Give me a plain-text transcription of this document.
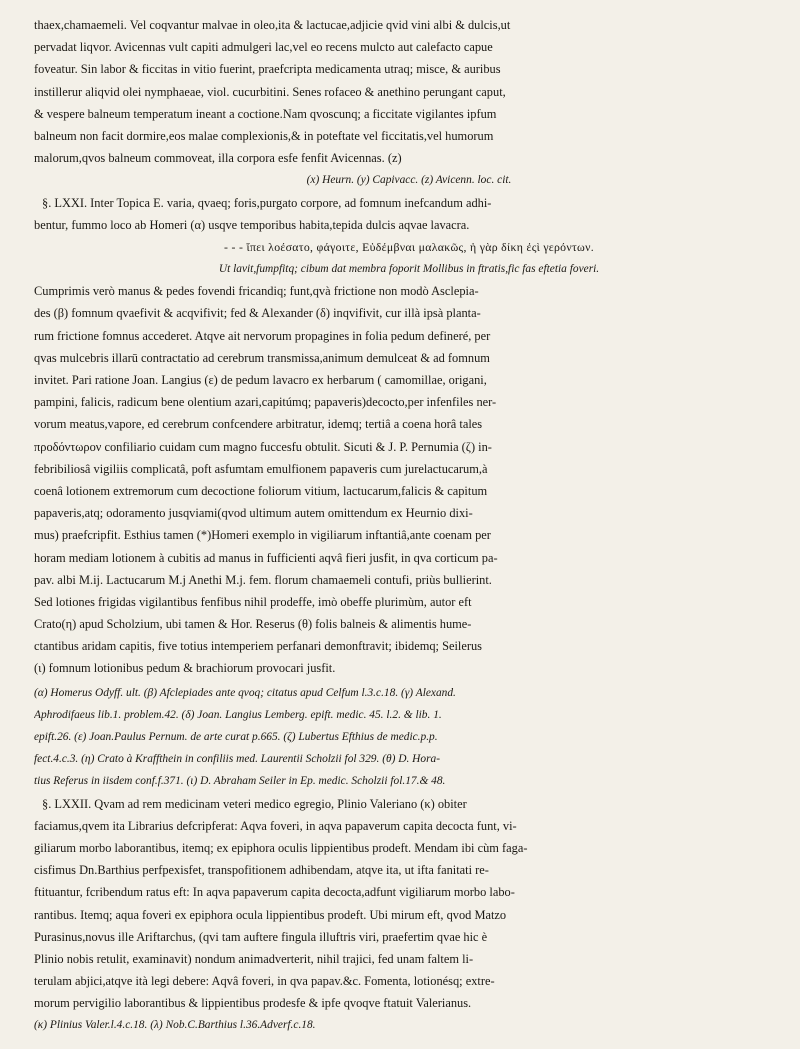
thaex,chamaemeli. Vel coqvantur malvae in oleo,ita & lactucae,adjicie qvid vini albi & dulcis,ut
pervadat liqvor. Avicennas vult capiti admulgeri lac,vel eo recens mulcto aut calefacto capue
foveatur. Sin labor & ficcitas in vitio fuerint, praefcripta medicamenta utraq; misce, & auribus
instillerur aliqvid olei nymphaeae, viol. cucurbitini. Senes rofaceo & anethino perungant caput,
& vespere balneum temperatum ineant a coctione.Nam qvoscunq; a ficcitate vigilantes ipfum
balneum non facit dormire,eos malae complexionis,& in poteftate vel ficcitatis,vel humorum
malorum,qvos balneum commoveat, illa corpora esfe fenfit Avicennas. (z)
(x) Heurn. (y) Capivacc. (z) Avicenn. loc. cit.
§. LXXI. Inter Topica E. varia, qvaeq; foris,purgato corpore, ad fomnum inefcandum adhi-
bentur, fummo loco ab Homeri (α) usqve temporibus habita,tepida dulcis aqvae lavacra.
- - - ἵπει λοέσατο, φάγοιτε, Εὑδέμβναι μαλακῶς, ἡ γὰρ δίκη ἐςὶ γερόντων.
Ut lavit,fumpfitq; cibum dat membra foporit Mollibus in ftratis,fic fas eftetia foveri.
Cumprimis verò manus & pedes fovendi fricandiq; funt,qvà frictione non modò Asclepia-
des (β) fomnum qvaefivit & acqvifivit; fed & Alexander (δ) inqvifivit, cur illà ipsà planta-
rum frictione fomnus accederet. Atqve ait nervorum propagines in folia pedum defineré, per
qvas mulcebris illarū contractatio ad cerebrum transmissa,animum demulceat & ad fomnum
invitet. Pari ratione Joan. Langius (ε) de pedum lavacro ex herbarum ( camomillae, origani,
pampini, falicis, radicum bene olentium azari,capitúmq; papaveris)decocto,per infenfiles ner-
vorum meatus,vapore, ed cerebrum confcendere arbitratur, idemq; tertiâ a coena horâ tales
προδόντωρον confiliario cuidam cum magno fuccesfu obtulit. Sicuti & J. P. Pernumia (ζ) in-
febribiliosâ vigiliis complicatâ, poft asfumtam emulfionem papaveris cum jurelactucarum,à
coenâ lotionem extremorum cum decoctione foliorum vitium, lactucarum,falicis & capitum
papaveris,atq; odoramento jusqviami(qvod ultimum autem omittendum ex Heurnio dixi-
mus) praefcripfit. Esthius tamen (*)Homeri exemplo in vigiliarum inftantiâ,ante coenam per
horam mediam lotionem à cubitis ad manus in fufficienti aqvâ fieri jusfit, in qva corticum pa-
pav. albi M.ij. Lactucarum M.j Anethi M.j. fem. florum chamaemeli contufi, priùs bullierint.
Sed lotiones frigidas vigilantibus fenfibus nihil prodeffe, imò obeffe plurimùm, autor eft
Crato(η) apud Scholzium, ubi tamen & Hor. Reserus (θ) folis balneis & alimentis hume-
ctantibus aridam capitis, five totius intemperiem perfanari demonftravit; ibidemq; Seilerus
(ι) fomnum lotionibus pedum & brachiorum provocari jusfit.
(α) Homerus Odyff. ult. (β) Afclepiades ante qvoq; citatus apud Celfum l.3.c.18. (γ) Alexand.
Aphrodifaeus lib.1. problem.42. (δ) Joan. Langius Lemberg. epift. medic. 45. l.2. & lib. 1.
epift.26. (ε) Joan.Paulus Pernum. de arte curat p.665. (ζ) Lubertus Efthius de medic.p.p.
fect.4.c.3. (η) Crato à Kraffthein in confiliis med. Laurentii Scholzii fol 329. (θ) D. Hora-
tius Referus in iisdem conf.f.371. (ι) D. Abraham Seiler in Ep. medic. Scholzii fol.17.& 48.
§. LXXII. Qvam ad rem medicinam veteri medico egregio, Plinio Valeriano (κ) obiter
faciamus,qvem ita Librarius defcripferat: Aqva foveri, in aqva papaverum capita decocta funt, vi-
giliarum morbo laborantibus, itemq; ex epiphora oculis lippientibus prodeft. Mendam ibi cùm faga-
cisfimus Dn.Barthius perfpexisfet, transpofitionem adhibendam, atqve ita, ut ifta fanitati re-
ftituantur, fcribendum ratus eft: In aqva papaverum capita decocta,adfunt vigiliarum morbo labo-
rantibus. Itemq; aqua foveri ex epiphora ocula lippientibus prodeft. Ubi mirum eft, qvod Matzo
Purasinus,novus ille Ariftarchus, (qvi tam auftere fingula illuftris viri, praefertim qvae hic è
Plinio nobis retulit, examinavit) nondum animadverterit, nihil trajici, fed unam faltem li-
terulam abjici,atqve ità legi debere: Aqvâ foveri, in qva papav.&c. Fomenta, lotionésq; extre-
morum pervigilio laborantibus & lippientibus prodesfe & ipfe qvoqve ftatuit Valerianus.
(κ) Plinius Valer.l.4.c.18. (λ) Nob.C.Barthius l.36.Adverf.c.18.
